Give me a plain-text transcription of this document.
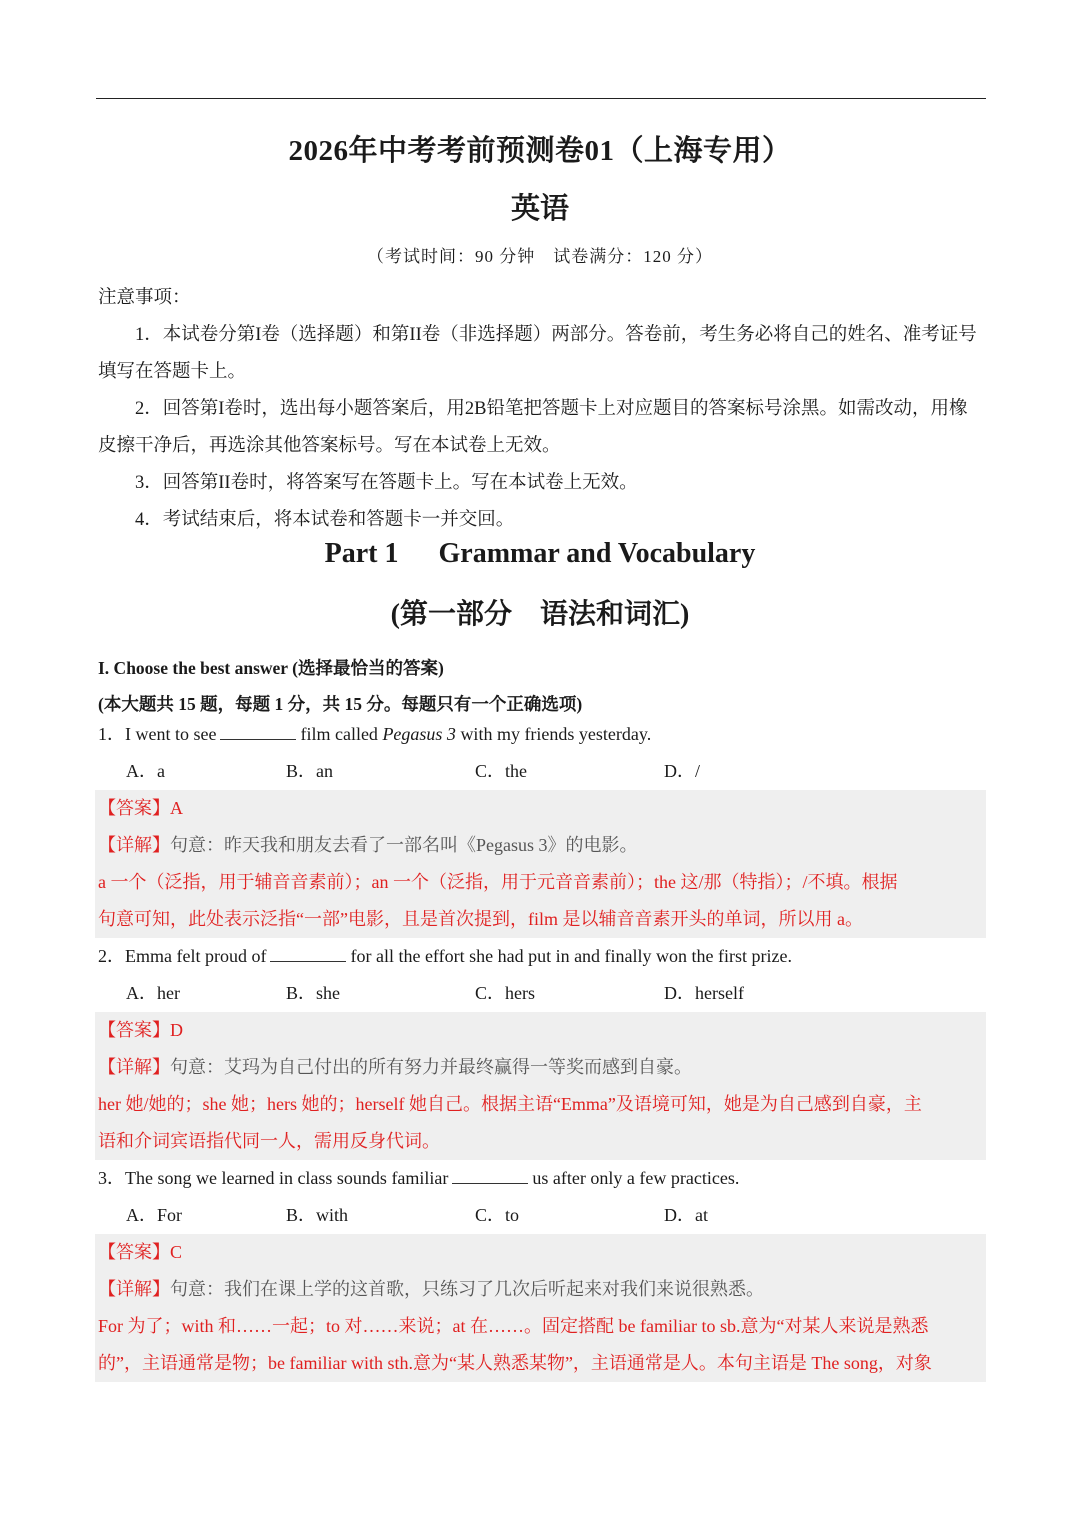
2026年中考考前预测卷01（上海专用）
英语
（考试时间：90 分钟　试卷满分：120 分）

注意事项：

1．本试卷分第I卷（选择题）和第II卷（非选择题）两部分。答卷前，考生务必将自己的姓名、准考证号填写在答题卡上。

2．回答第I卷时，选出每小题答案后，用2B铅笔把答题卡上对应题目的答案标号涂黑。如需改动，用橡皮擦干净后，再选涂其他答案标号。写在本试卷上无效。

3．回答第II卷时，将答案写在答题卡上。写在本试卷上无效。

4．考试结束后，将本试卷和答题卡一并交回。

Part 1 Grammar and Vocabulary
(第一部分　语法和词汇)

I. Choose the best answer (选择最恰当的答案)

(本大题共 15 题，每题 1 分，共 15 分。每题只有一个正确选项)

1．I went to see	film called Pegasus 3 with my friends yesterday.
A．a	B．an	C．the	D．/

【答案】A

【详解】句意：昨天我和朋友去看了一部名叫《Pegasus 3》的电影。

a 一个（泛指，用于辅音音素前）；an 一个（泛指，用于元音音素前）；the 这/那（特指）；/不填。根据

句意可知，此处表示泛指“一部”电影，且是首次提到，film 是以辅音音素开头的单词，所以用 a。

2．Emma felt proud of	for all the effort she had put in and finally won the first prize.
A．her	B．she	C．hers	D．herself

【答案】D

【详解】句意：艾玛为自己付出的所有努力并最终赢得一等奖而感到自豪。

her 她/她的；she 她；hers 她的；herself 她自己。根据主语“Emma”及语境可知，她是为自己感到自豪，主

语和介词宾语指代同一人，需用反身代词。

3．The song we learned in class sounds familiar	us after only a few practices.
A．For	B．with	C．to	D．at

【答案】C

【详解】句意：我们在课上学的这首歌，只练习了几次后听起来对我们来说很熟悉。

For 为了；with 和……一起；to 对……来说；at 在……。固定搭配 be familiar to sb.意为“对某人来说是熟悉

的”，主语通常是物；be familiar with sth.意为“某人熟悉某物”，主语通常是人。本句主语是 The song，对象
